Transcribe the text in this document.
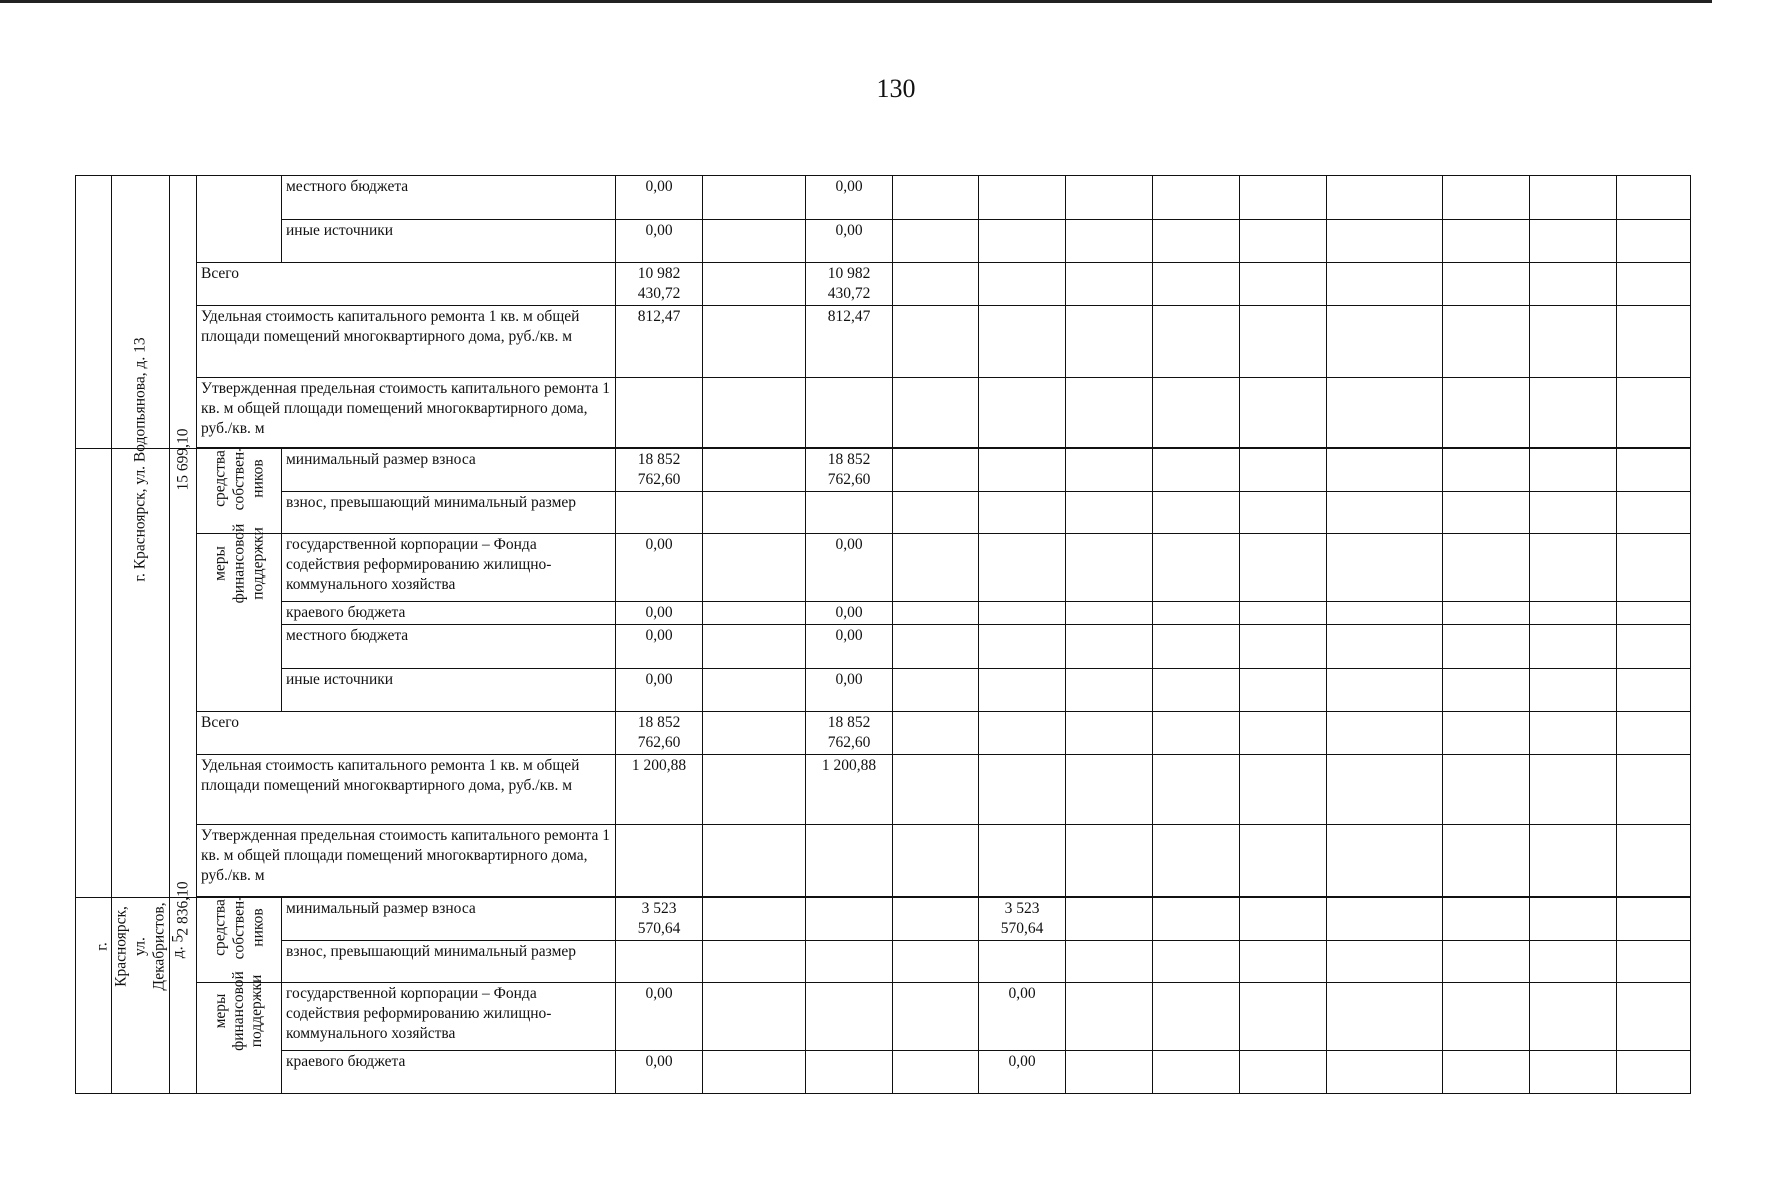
130
				местного бюджета	0,00		0,00									
				иные источники	0,00		0,00									
			Всего		10 982 430,72		10 982 430,72									
			Удельная стоимость капитального ремонта 1 кв. м общей площади помещений многоквартирного дома, руб./кв. м		812,47		812,47									
			Утвержденная предельная стоимость капитального ремонта 1 кв. м общей площади помещений многоквартирного дома, руб./кв. м													

	г. Красноярск, ул. Водопьянова, д. 13	15 699,10	средства собствен-ников	минимальный размер взноса	18 852 762,60		18 852 762,60									
				взнос, превышающий минимальный размер												

			меры финансовой поддержки	государственной корпорации – Фонда содействия реформированию жилищно-коммунального хозяйства	0,00		0,00									
				краевого бюджета	0,00		0,00									
				местного бюджета	0,00		0,00									
				иные источники	0,00		0,00									
			Всего		18 852 762,60		18 852 762,60									
			Удельная стоимость капитального ремонта 1 кв. м общей площади помещений многоквартирного дома, руб./кв. м		1 200,88		1 200,88									
			Утвержденная предельная стоимость капитального ремонта 1 кв. м общей площади помещений многоквартирного дома, руб./кв. м													

	г. Красноярск, ул. Декабристов, д. 5	2 836,10	средства собствен-ников	минимальный размер взноса	3 523 570,64				3 523 570,64							
				взнос, превышающий минимальный размер												

			меры финансовой поддержки	государственной корпорации – Фонда содействия реформированию жилищно-коммунального хозяйства	0,00				0,00							
				краевого бюджета	0,00				0,00							
